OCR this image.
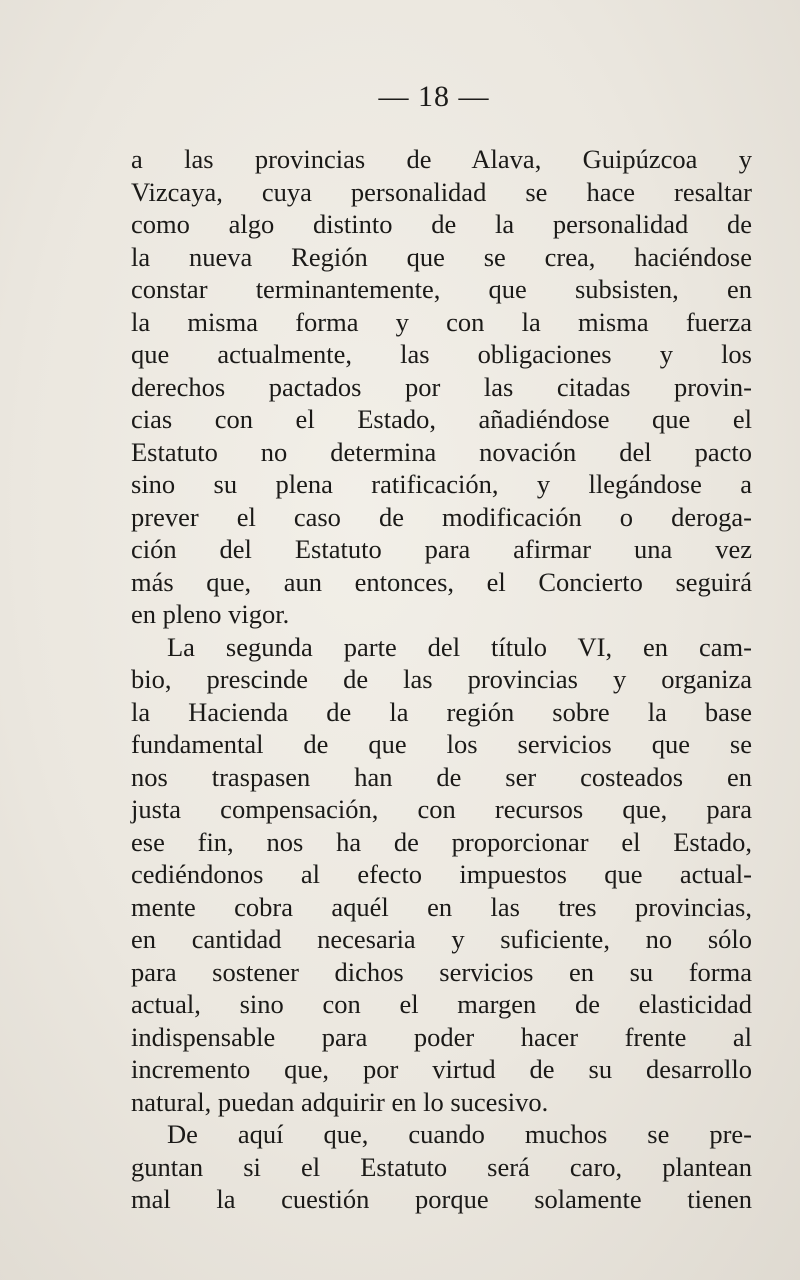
— 18 —
a las provincias de Alava, Guipúzcoa y
Vizcaya, cuya personalidad se hace resaltar
como algo distinto de la personalidad de
la nueva Región que se crea, haciéndose
constar terminantemente, que subsisten, en
la misma forma y con la misma fuerza
que actualmente, las obligaciones y los
derechos pactados por las citadas provin-
cias con el Estado, añadiéndose que el
Estatuto no determina novación del pacto
sino su plena ratificación, y llegándose a
prever el caso de modificación o deroga-
ción del Estatuto para afirmar una vez
más que, aun entonces, el Concierto seguirá
en pleno vigor.
La segunda parte del título VI, en cam-
bio, prescinde de las provincias y organiza
la Hacienda de la región sobre la base
fundamental de que los servicios que se
nos traspasen han de ser costeados en
justa compensación, con recursos que, para
ese fin, nos ha de proporcionar el Estado,
cediéndonos al efecto impuestos que actual-
mente cobra aquél en las tres provincias,
en cantidad necesaria y suficiente, no sólo
para sostener dichos servicios en su forma
actual, sino con el margen de elasticidad
indispensable para poder hacer frente al
incremento que, por virtud de su desarrollo
natural, puedan adquirir en lo sucesivo.
De aquí que, cuando muchos se pre-
guntan si el Estatuto será caro, plantean
mal la cuestión porque solamente tienen
